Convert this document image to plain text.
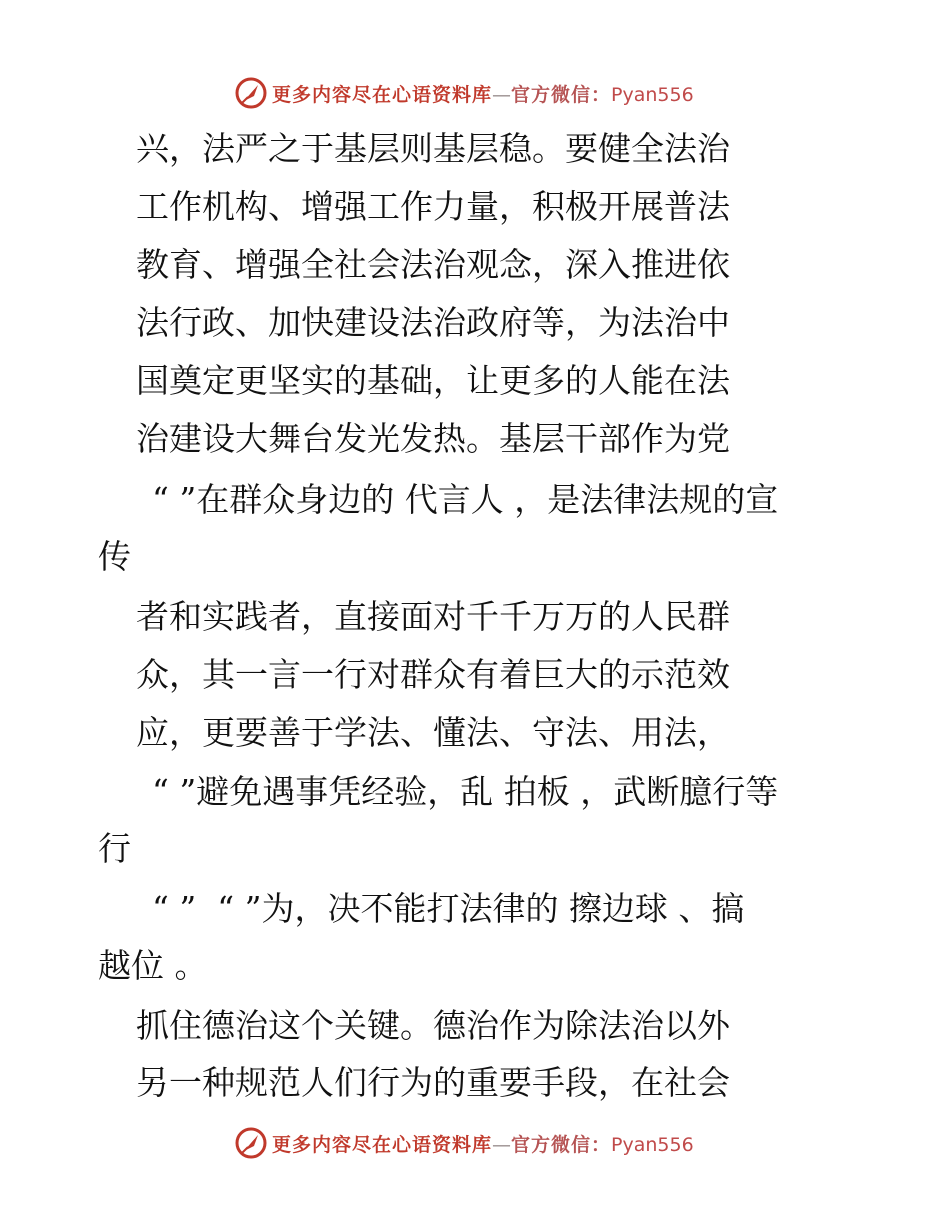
更多内容尽在心语资料库—官方微信：Pyan556
兴，法严之于基层则基层稳。要健全法治
工作机构、增强工作力量，积极开展普法
教育、增强全社会法治观念，深入推进依
法行政、加快建设法治政府等，为法治中
国奠定更坚实的基础，让更多的人能在法
治建设大舞台发光发热。基层干部作为党
“ ”在群众身边的 代言人 ，是法律法规的宣
传
者和实践者，直接面对千千万万的人民群
众，其一言一行对群众有着巨大的示范效
应，更要善于学法、懂法、守法、用法，
“ ”避免遇事凭经验，乱 拍板 ，武断臆行等
行
“ ”  “ ”为，决不能打法律的 擦边球 、搞
越位 。
抓住德治这个关键。德治作为除法治以外
另一种规范人们行为的重要手段，在社会
更多内容尽在心语资料库—官方微信：Pyan556
